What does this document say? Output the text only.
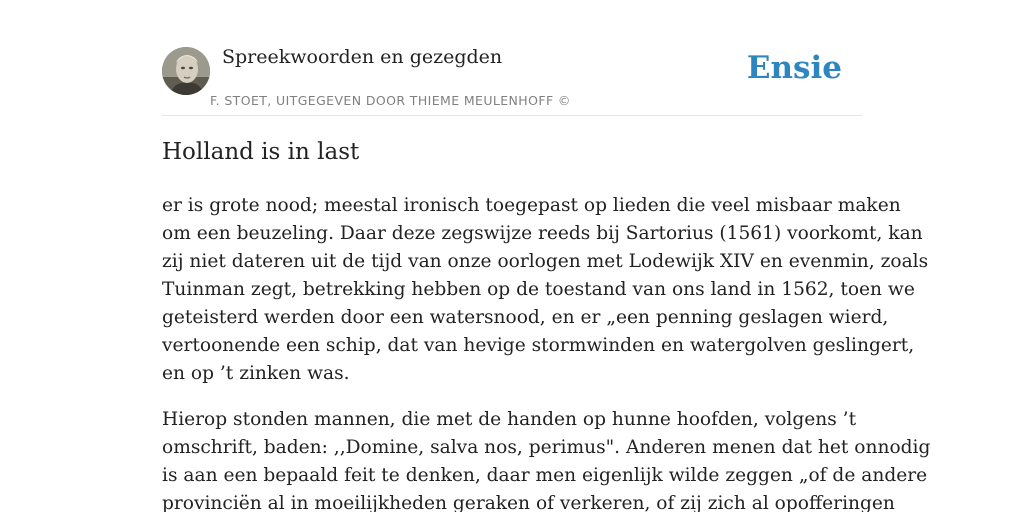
Spreekwoorden en gezegden
F. STOET, UITGEGEVEN DOOR THIEME MEULENHOFF ©
Ensie
Holland is in last

er is grote nood; meestal ironisch toegepast op lieden die veel misbaar maken
om een beuzeling. Daar deze zegswijze reeds bij Sartorius (1561) voorkomt, kan
zij niet dateren uit de tijd van onze oorlogen met Lodewijk XIV en evenmin, zoals
Tuinman zegt, betrekking hebben op de toestand van ons land in 1562, toen we
geteisterd werden door een watersnood, en er „een penning geslagen wierd,
vertoonende een schip, dat van hevige stormwinden en watergolven geslingert,
en op ’t zinken was.

Hierop stonden mannen, die met de handen op hunne hoofden, volgens ’t
omschrift, baden: ,,Domine, salva nos, perimus". Anderen menen dat het onnodig
is aan een bepaald feit te denken, daar men eigenlijk wilde zeggen „of de andere
provinciën al in moeilijkheden geraken of verkeren, of zij zich al opofferingen
